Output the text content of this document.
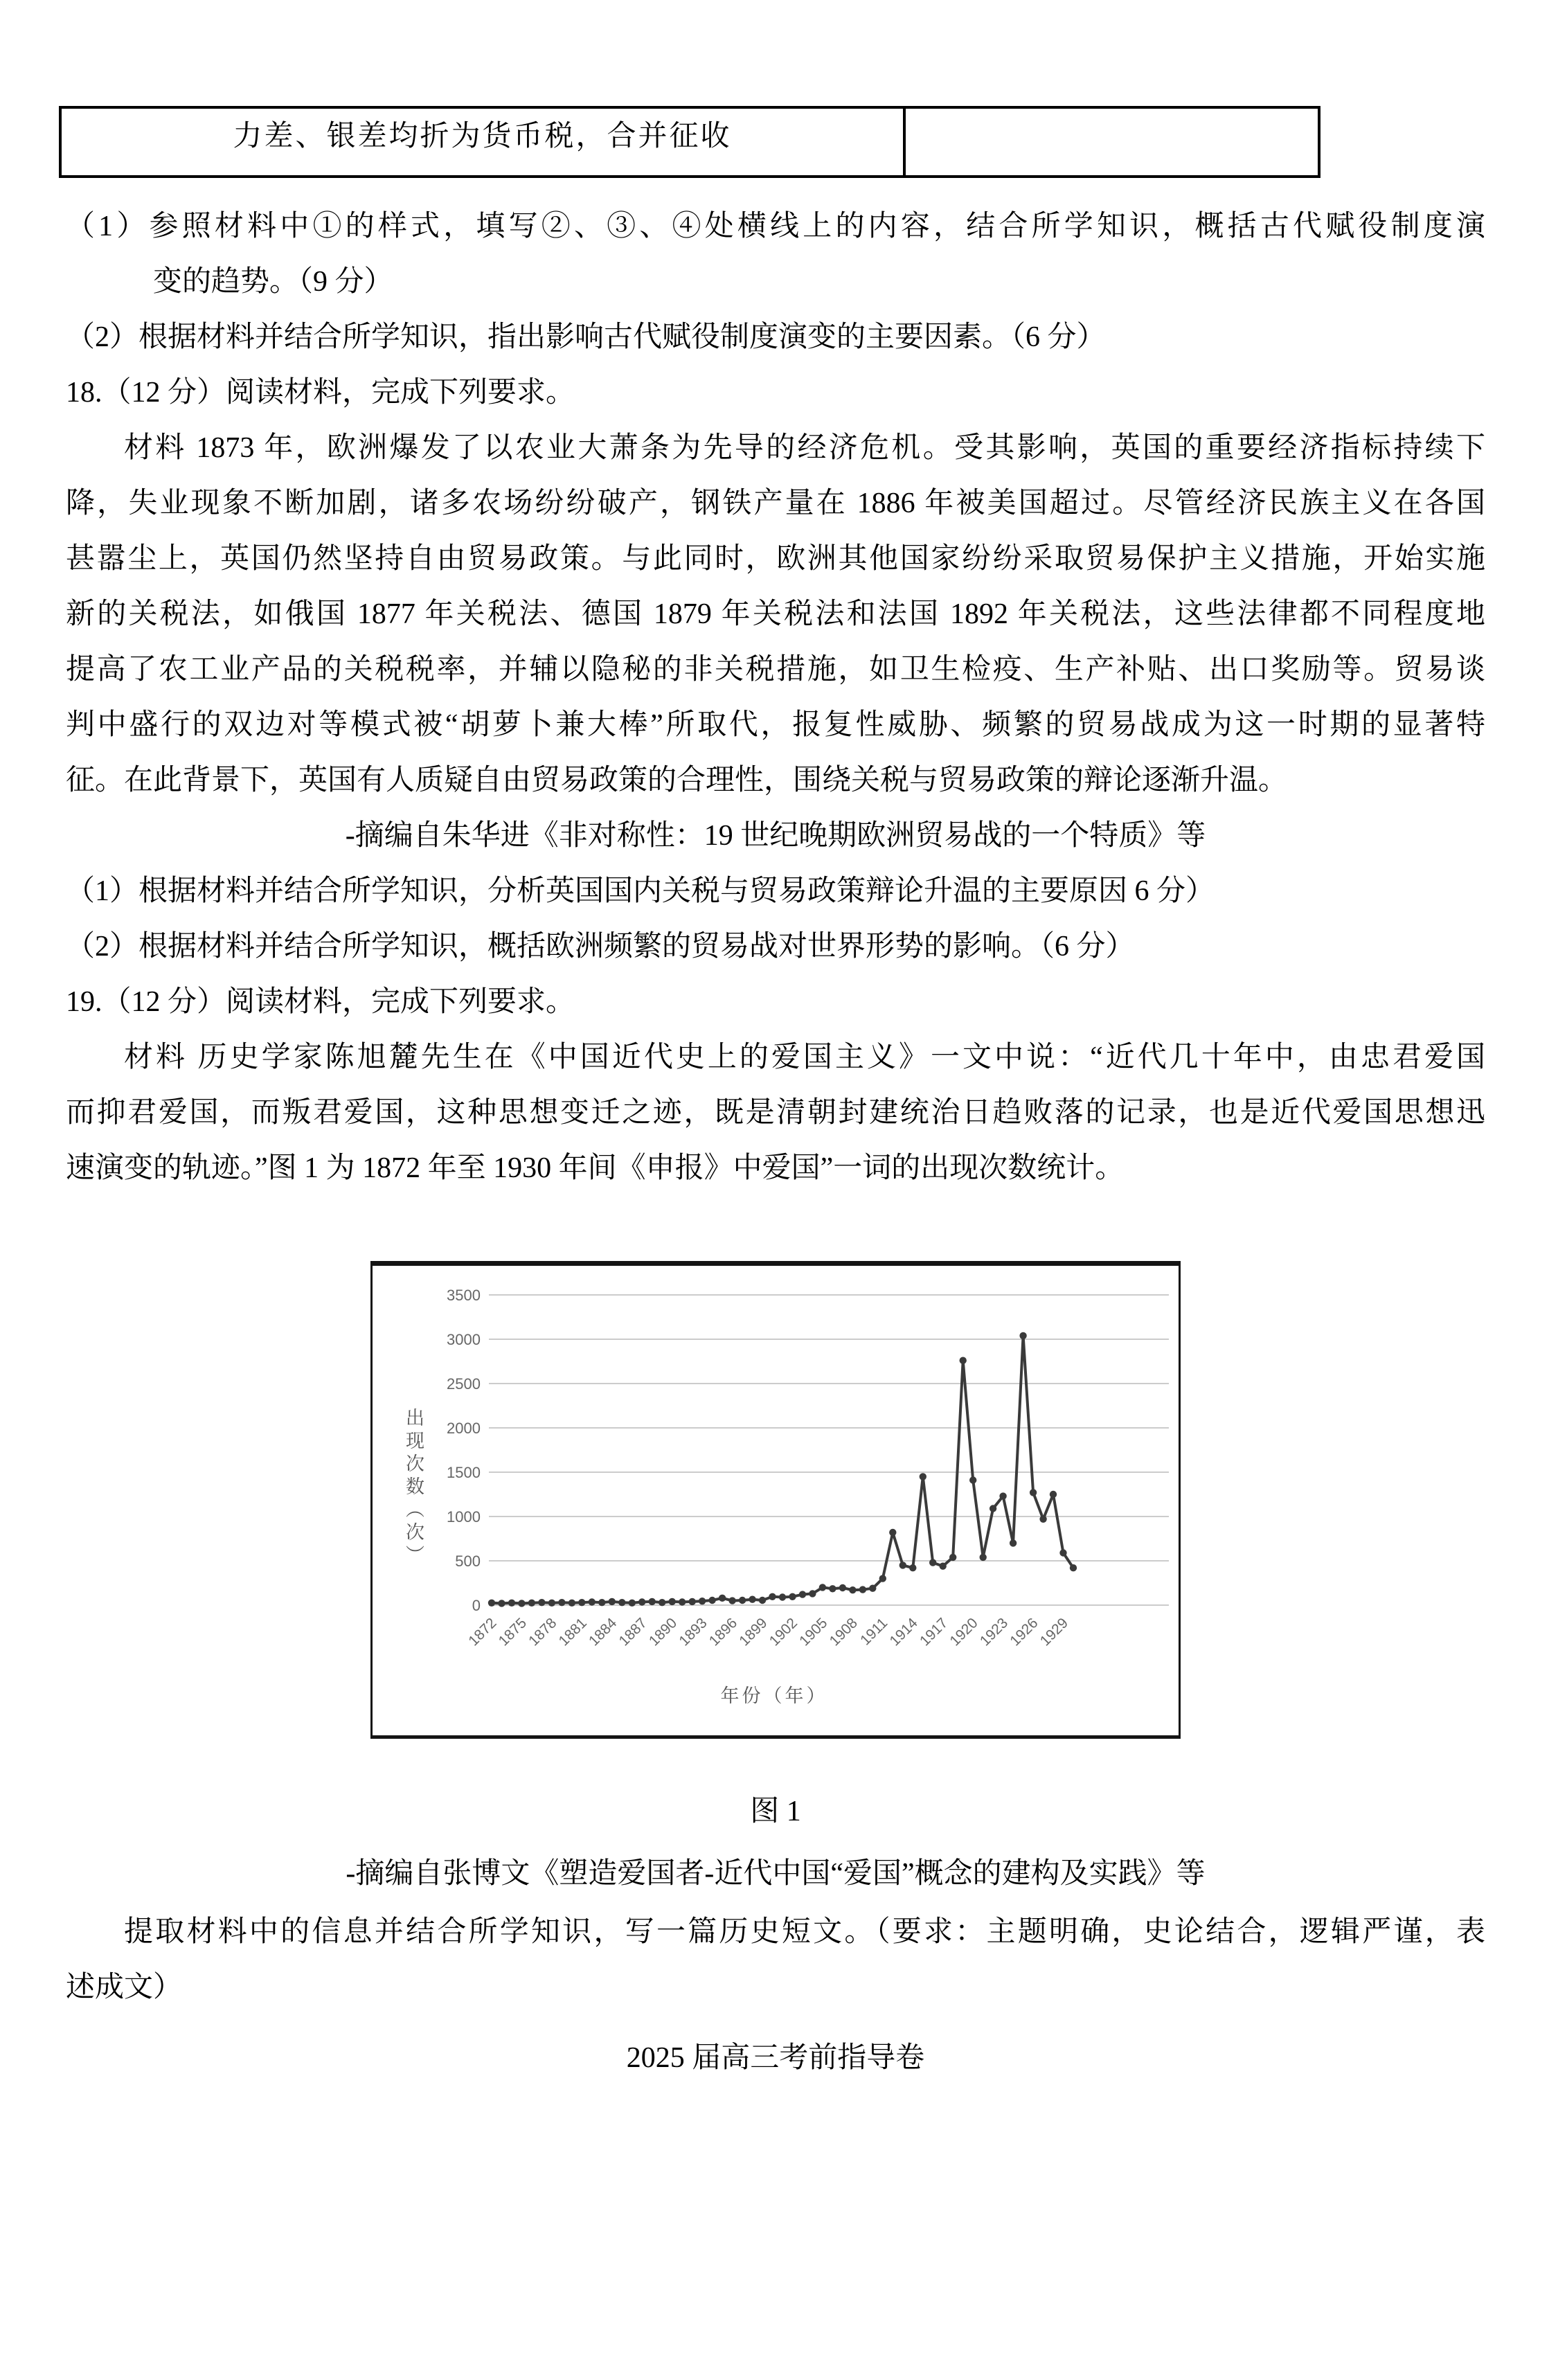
力差、银差均折为货币税，合并征收	
（1）参照材料中①的样式，填写②、③、④处横线上的内容，结合所学知识，概括古代赋役制度演
变的趋势。（9 分）
（2）根据材料并结合所学知识，指出影响古代赋役制度演变的主要因素。（6 分）
18.（12 分）阅读材料，完成下列要求。
材料 1873 年，欧洲爆发了以农业大萧条为先导的经济危机。受其影响，英国的重要经济指标持续下
降，失业现象不断加剧，诸多农场纷纷破产，钢铁产量在 1886 年被美国超过。尽管经济民族主义在各国
甚嚣尘上，英国仍然坚持自由贸易政策。与此同时，欧洲其他国家纷纷采取贸易保护主义措施，开始实施
新的关税法，如俄国 1877 年关税法、德国 1879 年关税法和法国 1892 年关税法，这些法律都不同程度地
提高了农工业产品的关税税率，并辅以隐秘的非关税措施，如卫生检疫、生产补贴、出口奖励等。贸易谈
判中盛行的双边对等模式被“胡萝卜兼大棒”所取代，报复性威胁、频繁的贸易战成为这一时期的显著特
征。在此背景下，英国有人质疑自由贸易政策的合理性，围绕关税与贸易政策的辩论逐渐升温。
-摘编自朱华进《非对称性：19 世纪晚期欧洲贸易战的一个特质》等
（1）根据材料并结合所学知识，分析英国国内关税与贸易政策辩论升温的主要原因 6 分）
（2）根据材料并结合所学知识，概括欧洲频繁的贸易战对世界形势的影响。（6 分）
19.（12 分）阅读材料，完成下列要求。
材料 历史学家陈旭麓先生在《中国近代史上的爱国主义》一文中说：“近代几十年中，由忠君爱国
而抑君爱国，而叛君爱国，这种思想变迁之迹，既是清朝封建统治日趋败落的记录，也是近代爱国思想迅
速演变的轨迹。”图 1 为 1872 年至 1930 年间《申报》中爱国”一词的出现次数统计。
出现次数（次）
0
500
1000
1500
2000
2500
3000
3500
1872
1875
1878
1881
1884
1887
1890
1893
1896
1899
1902
1905
1908
1911
1914
1917
1920
1923
1926
1929
年份（年）
图 1
-摘编自张博文《塑造爱国者-近代中国“爱国”概念的建构及实践》等
提取材料中的信息并结合所学知识，写一篇历史短文。（要求：主题明确，史论结合，逻辑严谨，表
述成文）
2025 届高三考前指导卷
